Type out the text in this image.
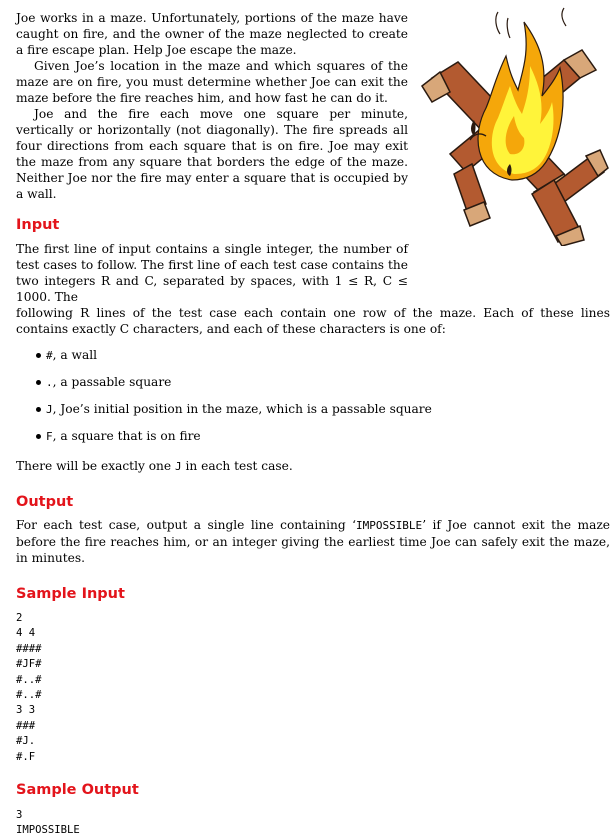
Joe works in a maze. Unfortunately, portions of the maze have caught on fire, and the owner of the maze neglected to create a fire escape plan. Help Joe escape the maze.

Given Joe’s location in the maze and which squares of the maze are on fire, you must determine whether Joe can exit the maze before the fire reaches him, and how fast he can do it.

Joe and the fire each move one square per minute, vertically or horizontally (not diagonally). The fire spreads all four directions from each square that is on fire. Joe may exit the maze from any square that borders the edge of the maze. Neither Joe nor the fire may enter a square that is occupied by a wall.

Input

The first line of input contains a single integer, the number of test cases to follow. The first line of each test case contains the two integers R and C, separated by spaces, with 1 ≤ R, C ≤ 1000. The

following R lines of the test case each contain one row of the maze. Each of these lines contains exactly C characters, and each of these characters is one of:

#, a wall
., a passable square
J, Joe’s initial position in the maze, which is a passable square
F, a square that is on fire

There will be exactly one J in each test case.

Output

For each test case, output a single line containing ‘IMPOSSIBLE’ if Joe cannot exit the maze before the fire reaches him, or an integer giving the earliest time Joe can safely exit the maze, in minutes.

Sample Input
2
4 4
####
#JF#
#..#
#..#
3 3
###
#J.
#.F
Sample Output
3
IMPOSSIBLE
